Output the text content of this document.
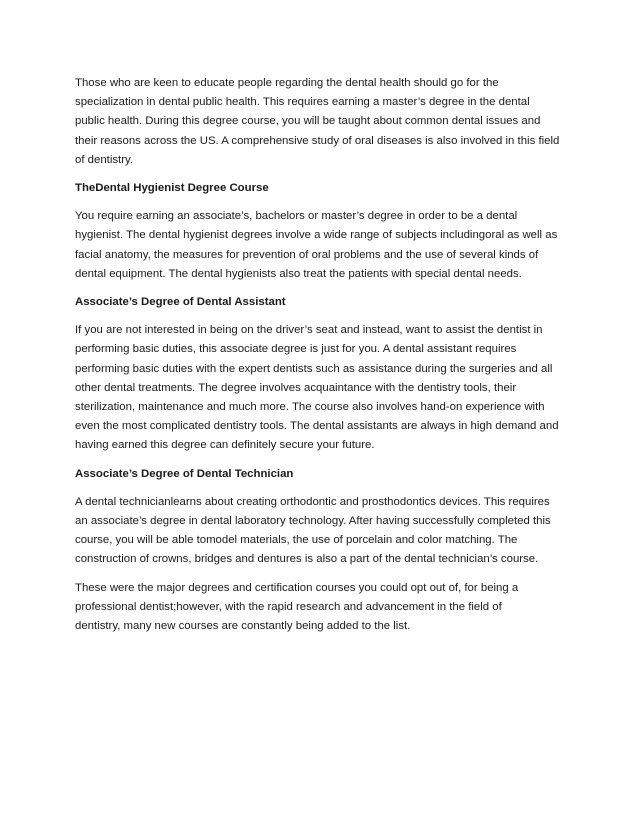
Those who are keen to educate people regarding the dental health should go for the
specialization in dental public health. This requires earning a master’s degree in the dental
public health. During this degree course, you will be taught about common dental issues and
their reasons across the US. A comprehensive study of oral diseases is also involved in this field
of dentistry.

TheDental Hygienist Degree Course

You require earning an associate’s, bachelors or master’s degree in order to be a dental
hygienist. The dental hygienist degrees involve a wide range of subjects includingoral as well as
facial anatomy, the measures for prevention of oral problems and the use of several kinds of
dental equipment. The dental hygienists also treat the patients with special dental needs.

Associate’s Degree of Dental Assistant

If you are not interested in being on the driver’s seat and instead, want to assist the dentist in
performing basic duties, this associate degree is just for you. A dental assistant requires
performing basic duties with the expert dentists such as assistance during the surgeries and all
other dental treatments. The degree involves acquaintance with the dentistry tools, their
sterilization, maintenance and much more. The course also involves hand-on experience with
even the most complicated dentistry tools. The dental assistants are always in high demand and
having earned this degree can definitely secure your future.

Associate’s Degree of Dental Technician

A dental technicianlearns about creating orthodontic and prosthodontics devices. This requires
an associate’s degree in dental laboratory technology. After having successfully completed this
course, you will be able tomodel materials, the use of porcelain and color matching. The
construction of crowns, bridges and dentures is also a part of the dental technician’s course.

These were the major degrees and certification courses you could opt out of, for being a
professional dentist;however, with the rapid research and advancement in the field of
dentistry, many new courses are constantly being added to the list.
